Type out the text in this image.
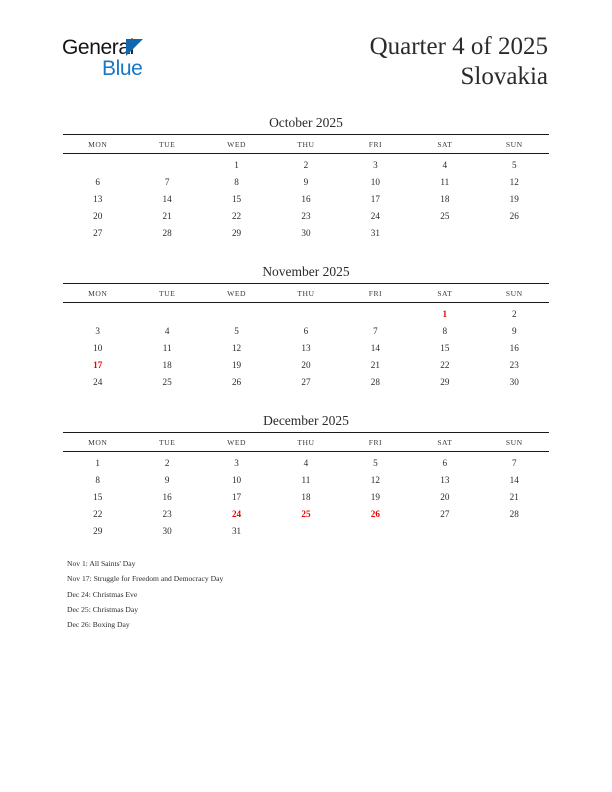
General
Blue
Quarter 4 of 2025
Slovakia
October 2025
MON	TUE	WED	THU	FRI	SAT	SUN
		1	2	3	4	5
6	7	8	9	10	11	12
13	14	15	16	17	18	19
20	21	22	23	24	25	26
27	28	29	30	31		
November 2025
MON	TUE	WED	THU	FRI	SAT	SUN
					1	2
3	4	5	6	7	8	9
10	11	12	13	14	15	16
17	18	19	20	21	22	23
24	25	26	27	28	29	30
December 2025
MON	TUE	WED	THU	FRI	SAT	SUN
1	2	3	4	5	6	7
8	9	10	11	12	13	14
15	16	17	18	19	20	21
22	23	24	25	26	27	28
29	30	31				
Nov 1: All Saints' Day
Nov 17: Struggle for Freedom and Democracy Day
Dec 24: Christmas Eve
Dec 25: Christmas Day
Dec 26: Boxing Day
